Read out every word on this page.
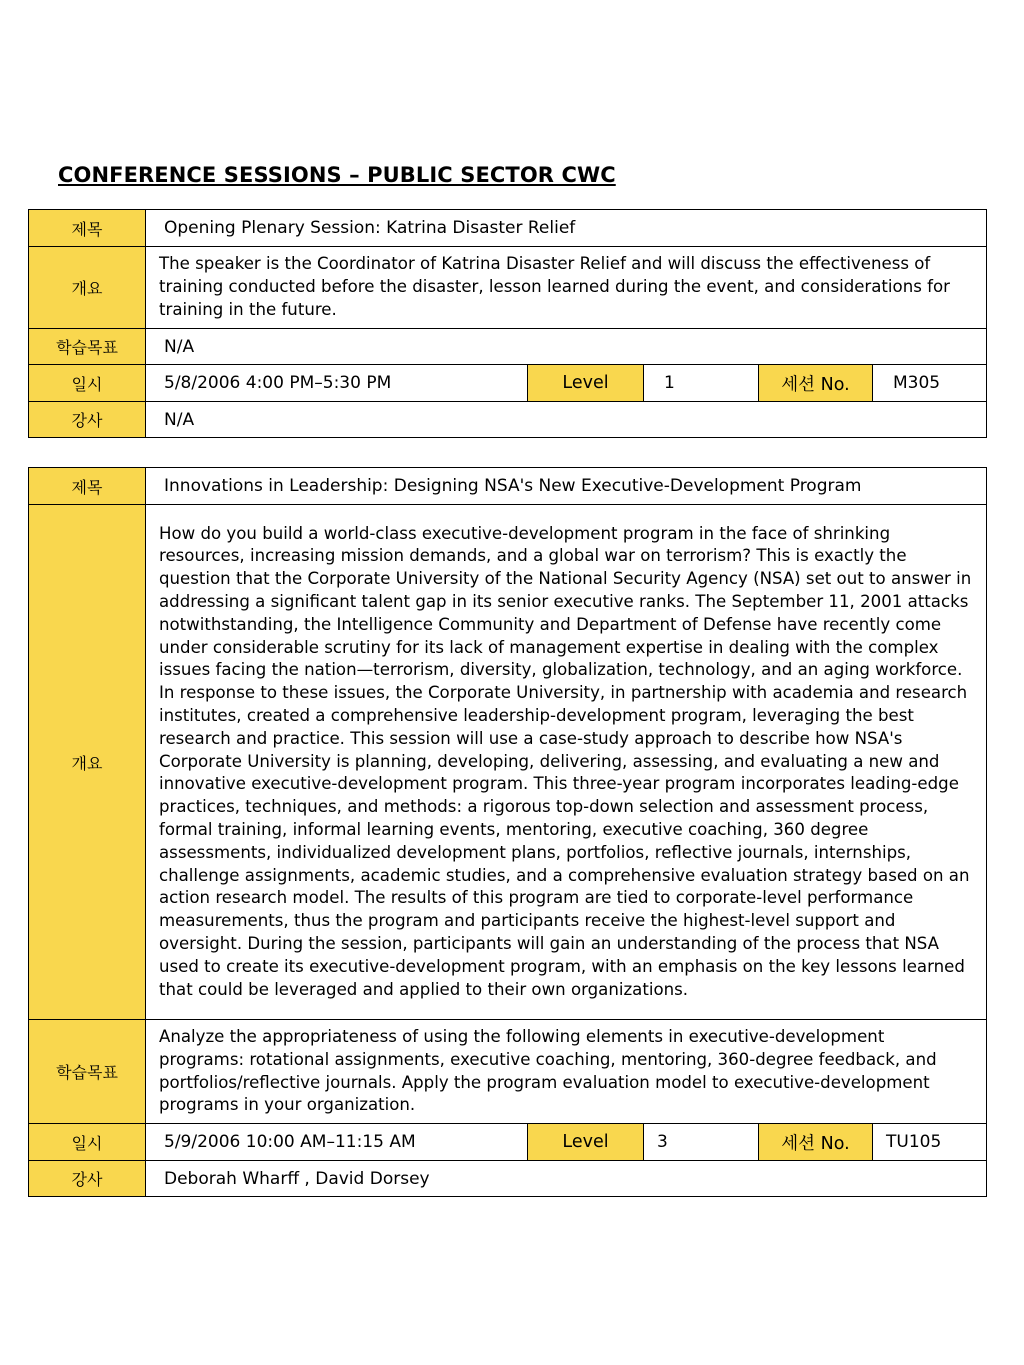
CONFERENCE SESSIONS – PUBLIC SECTOR CWC
제목	Opening Plenary Session: Katrina Disaster Relief				
개요	The speaker is the Coordinator of Katrina Disaster Relief and will discuss the effectiveness of training conducted before the disaster, lesson learned during the event, and considerations for training in the future.				
학습목표	N/A				
일시	5/8/2006 4:00 PM–5:30 PM	Level	1	세션 No.	M305
강사	N/A				
제목	Innovations in Leadership: Designing NSA's New Executive-Development Program				
개요	How do you build a world-class executive-development program in the face of shrinking resources, increasing mission demands, and a global war on terrorism? This is exactly the question that the Corporate University of the National Security Agency (NSA) set out to answer in addressing a significant talent gap in its senior executive ranks. The September 11, 2001 attacks notwithstanding, the Intelligence Community and Department of Defense have recently come under considerable scrutiny for its lack of management expertise in dealing with the complex issues facing the nation—terrorism, diversity, globalization, technology, and an aging workforce. In response to these issues, the Corporate University, in partnership with academia and research institutes, created a comprehensive leadership-development program, leveraging the best research and practice. This session will use a case-study approach to describe how NSA's Corporate University is planning, developing, delivering, assessing, and evaluating a new and innovative executive-development program. This three-year program incorporates leading-edge practices, techniques, and methods: a rigorous top-down selection and assessment process, formal training, informal learning events, mentoring, executive coaching, 360 degree assessments, individualized development plans, portfolios, reflective journals, internships, challenge assignments, academic studies, and a comprehensive evaluation strategy based on an action research model. The results of this program are tied to corporate-level performance measurements, thus the program and participants receive the highest-level support and oversight. During the session, participants will gain an understanding of the process that NSA used to create its executive-development program, with an emphasis on the key lessons learned that could be leveraged and applied to their own organizations.				
학습목표	Analyze the appropriateness of using the following elements in executive-development programs: rotational assignments, executive coaching, mentoring, 360-degree feedback, and portfolios/reflective journals. Apply the program evaluation model to executive-development programs in your organization.				
일시	5/9/2006 10:00 AM–11:15 AM	Level	3	세션 No.	TU105
강사	Deborah Wharff , David Dorsey				
